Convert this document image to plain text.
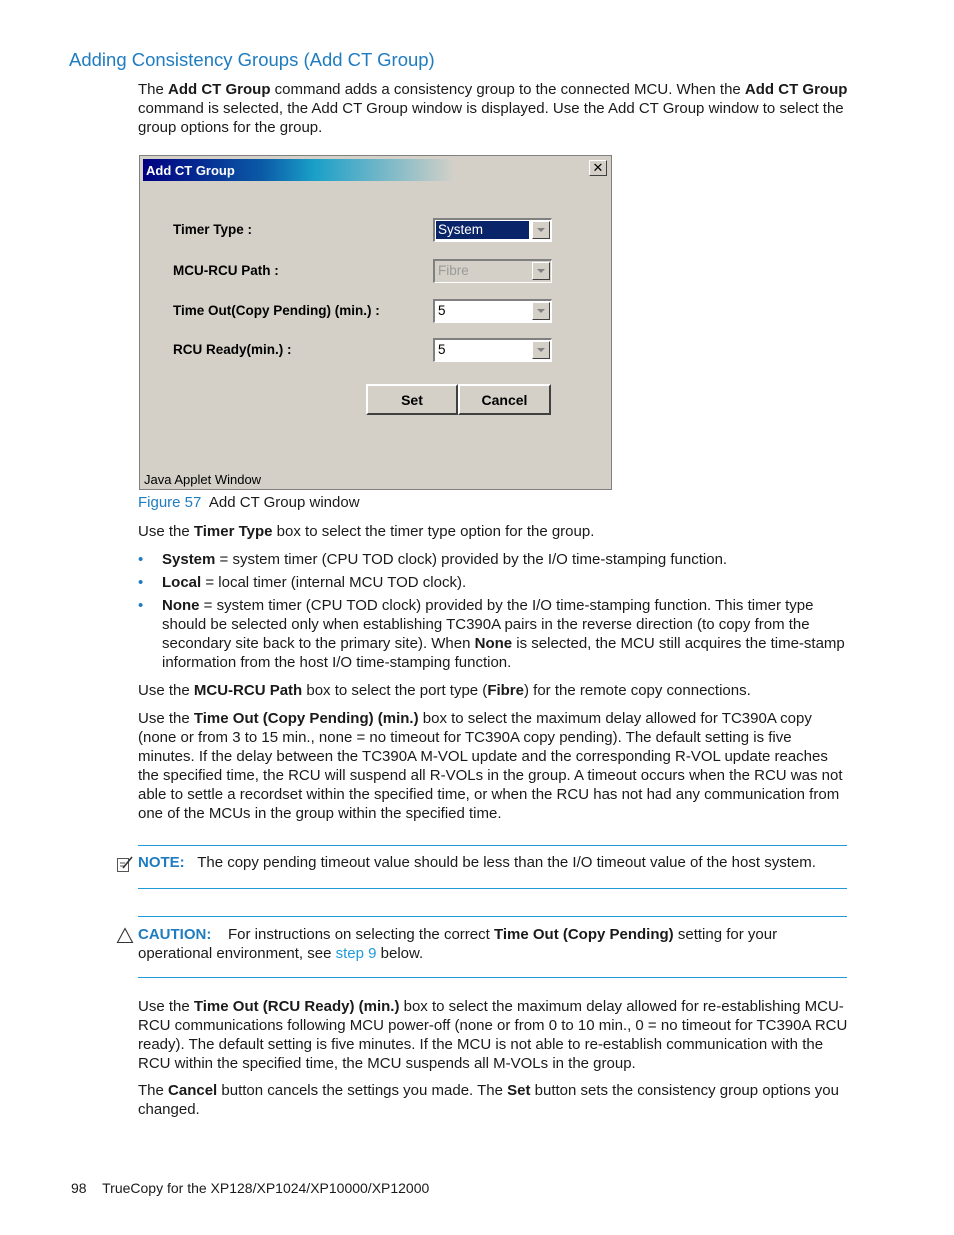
Adding Consistency Groups (Add CT Group)

The Add CT Group command adds a consistency group to the connected MCU. When the Add CT Group command is selected, the Add CT Group window is displayed. Use the Add CT Group window to select the group options for the group.

Add CT Group	✕
Timer Type :	System
MCU-RCU Path :	Fibre
Time Out(Copy Pending) (min.) :	5
RCU Ready(min.) :	5
Set	Cancel
Java Applet Window
Figure 57 Add CT Group window

Use the Timer Type box to select the timer type option for the group.

• System = system timer (CPU TOD clock) provided by the I/O time-stamping function.
• Local = local timer (internal MCU TOD clock).
• None = system timer (CPU TOD clock) provided by the I/O time-stamping function. This timer type should be selected only when establishing TC390A pairs in the reverse direction (to copy from the secondary site back to the primary site). When None is selected, the MCU still acquires the time-stamp information from the host I/O time-stamping function.

Use the MCU-RCU Path box to select the port type (Fibre) for the remote copy connections.

Use the Time Out (Copy Pending) (min.) box to select the maximum delay allowed for TC390A copy (none or from 3 to 15 min., none = no timeout for TC390A copy pending). The default setting is five minutes. If the delay between the TC390A M-VOL update and the corresponding R-VOL update reaches the specified time, the RCU will suspend all R-VOLs in the group. A timeout occurs when the RCU was not able to settle a recordset within the specified time, or when the RCU has not had any communication from one of the MCUs in the group within the specified time.

NOTE: The copy pending timeout value should be less than the I/O timeout value of the host system.

CAUTION: For instructions on selecting the correct Time Out (Copy Pending) setting for your operational environment, see step 9 below.

Use the Time Out (RCU Ready) (min.) box to select the maximum delay allowed for re-establishing MCU-RCU communications following MCU power-off (none or from 0 to 10 min., 0 = no timeout for TC390A RCU ready). The default setting is five minutes. If the MCU is not able to re-establish communication with the RCU within the specified time, the MCU suspends all M-VOLs in the group.

The Cancel button cancels the settings you made. The Set button sets the consistency group options you changed.

98 TrueCopy for the XP128/XP1024/XP10000/XP12000
